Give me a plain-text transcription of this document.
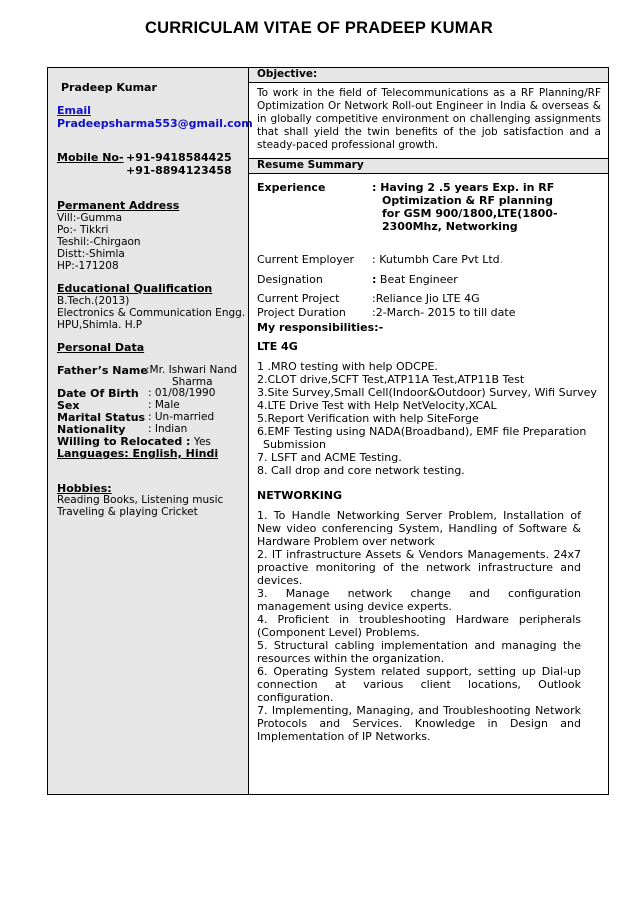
CURRICULAM VITAE OF PRADEEP KUMAR
Pradeep Kumar
Email
Pradeepsharma553@gmail.com
Mobile No- +91-9418584425
+91-8894123458
Permanent Address
Vill:-Gumma
Po:- Tikkri
Teshil:-Chirgaon
Distt:-Shimla
HP:-171208
Educational Qualification
B.Tech.(2013)
Electronics & Communication Engg.
HPU,Shimla. H.P
Personal Data
Father’s Name
:Mr. Ishwari Nand
Sharma
Date Of Birth : 01/08/1990
Sex	: Male
Marital Status : Un-married
Nationality : Indian
Willing to Relocated : Yes
Languages: English, Hindi
Hobbies:
Reading Books, Listening music
Traveling & playing Cricket
Objective:
To work in the field of Telecommunications as a RF Planning/RF Optimization Or Network Roll-out Engineer in India & overseas & in globally competitive environment on challenging assignments that shall yield the twin benefits of the job satisfaction and a steady-paced professional growth.
Resume Summary
Experience	: Having 2 .5 years Exp. in RF
Optimization & RF planning
for GSM 900/1800,LTE(1800-
2300Mhz, Networking
Current Employer : Kutumbh Care Pvt Ltd.
Designation	: Beat Engineer
Current Project	:Reliance Jio LTE 4G
Project Duration :2-March- 2015 to till date
My responsibilities:-
LTE 4G
1 .MRO testing with help ODCPE.
2.CLOT drive,SCFT Test,ATP11A Test,ATP11B Test
3.Site Survey,Small Cell(Indoor&Outdoor) Survey, Wifi Survey
4.LTE Drive Test with Help NetVelocity,XCAL
5.Report Verification with help SiteForge
6.EMF Testing using NADA(Broadband), EMF file Preparation
Submission
7. LSFT and ACME Testing.
8. Call drop and core network testing.
NETWORKING
1. To Handle Networking Server Problem, Installation of New video conferencing System, Handling of Software & Hardware Problem over network
2. IT infrastructure Assets & Vendors Managements. 24x7 proactive monitoring of the network infrastructure and devices.
3. Manage network change and configuration management using device experts.
4. Proficient in troubleshooting Hardware peripherals (Component Level) Problems.
5. Structural cabling implementation and managing the resources within the organization.
6. Operating System related support, setting up Dial-up connection at various client locations, Outlook configuration.
7. Implementing, Managing, and Troubleshooting Network Protocols and Services. Knowledge in Design and Implementation of IP Networks.
